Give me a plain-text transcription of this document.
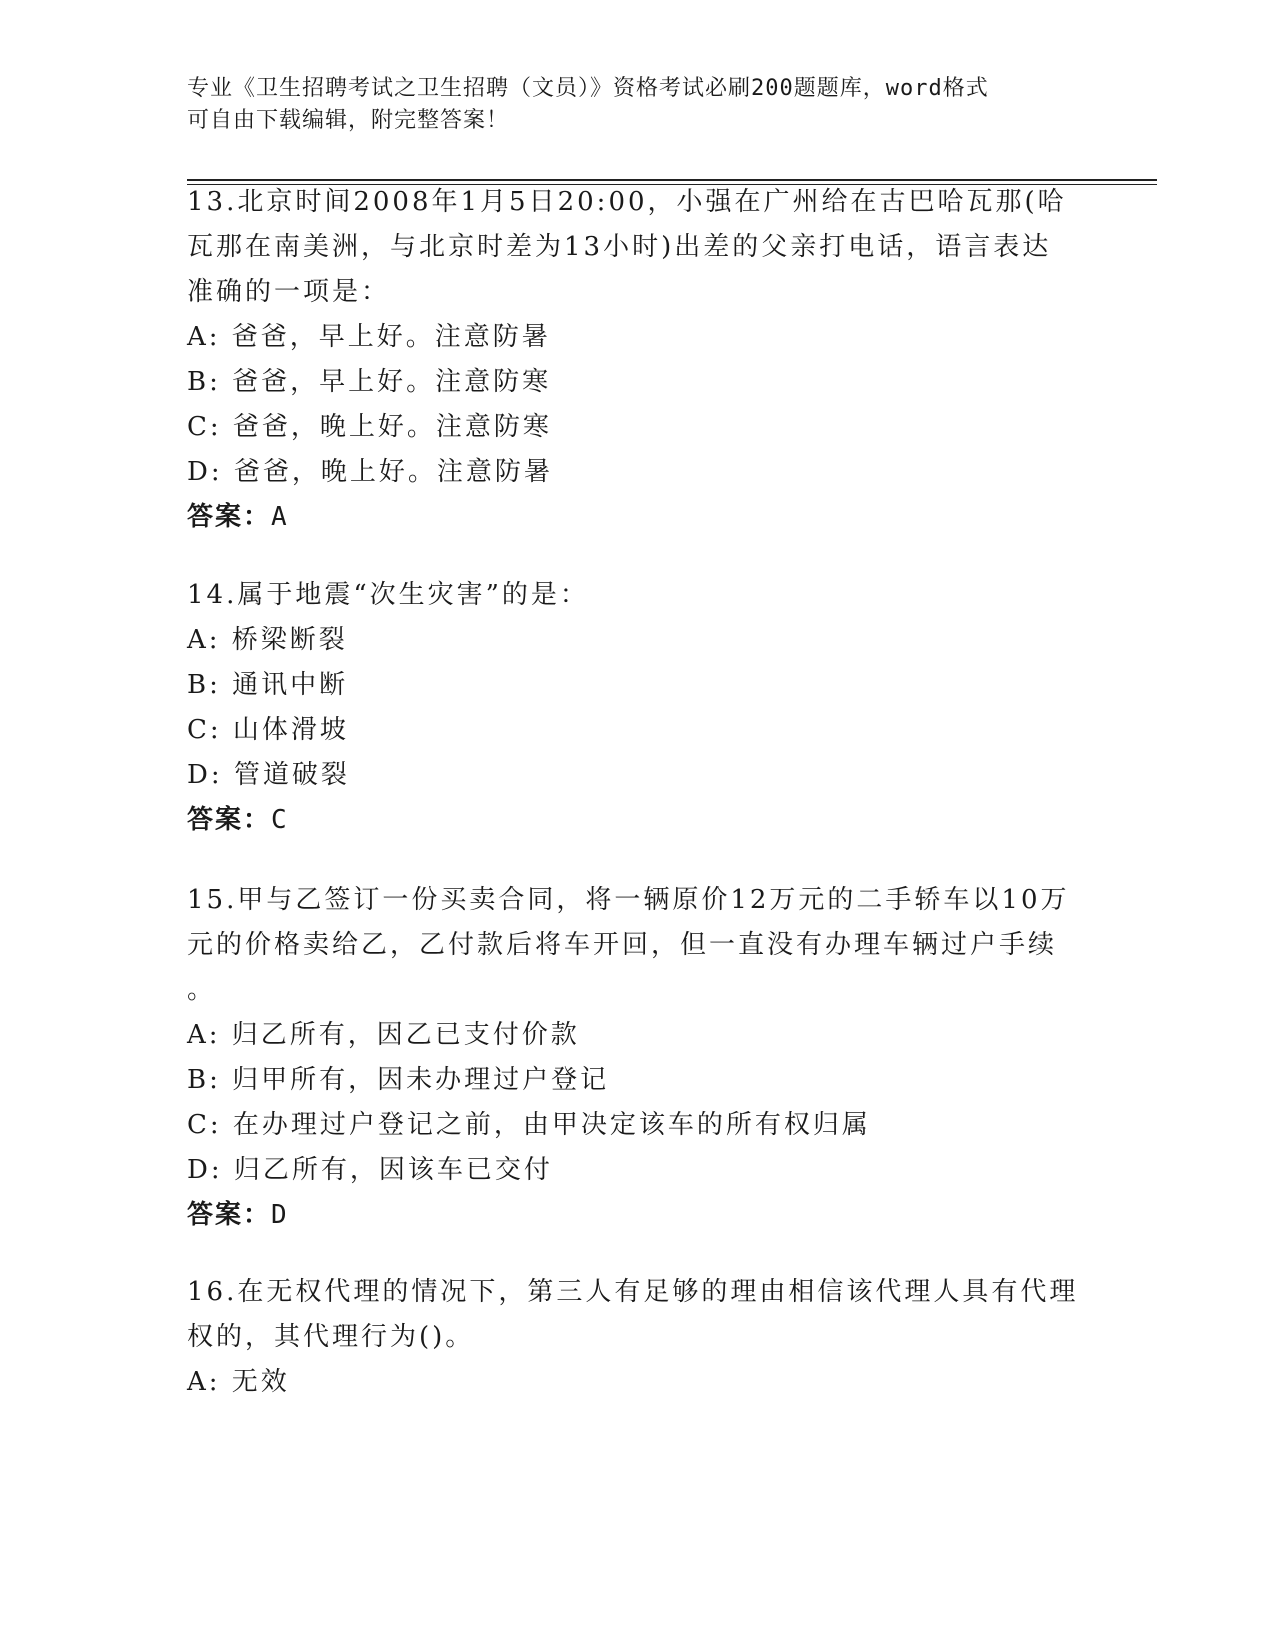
专业《卫生招聘考试之卫生招聘（文员）》资格考试必刷200题题库，word格式
可自由下载编辑，附完整答案！
13.北京时间2008年1月5日20:00，小强在广州给在古巴哈瓦那(哈
瓦那在南美洲，与北京时差为13小时)出差的父亲打电话，语言表达
准确的一项是：
A: 爸爸，早上好。注意防暑
B: 爸爸，早上好。注意防寒
C: 爸爸，晚上好。注意防寒
D: 爸爸，晚上好。注意防暑
答案：A
14.属于地震“次生灾害”的是：
A: 桥梁断裂
B: 通讯中断
C: 山体滑坡
D: 管道破裂
答案：C
15.甲与乙签订一份买卖合同，将一辆原价12万元的二手轿车以10万
元的价格卖给乙，乙付款后将车开回，但一直没有办理车辆过户手续
。
A: 归乙所有，因乙已支付价款
B: 归甲所有，因未办理过户登记
C: 在办理过户登记之前，由甲决定该车的所有权归属
D: 归乙所有，因该车已交付
答案：D
16.在无权代理的情况下，第三人有足够的理由相信该代理人具有代理
权的，其代理行为()。
A: 无效
